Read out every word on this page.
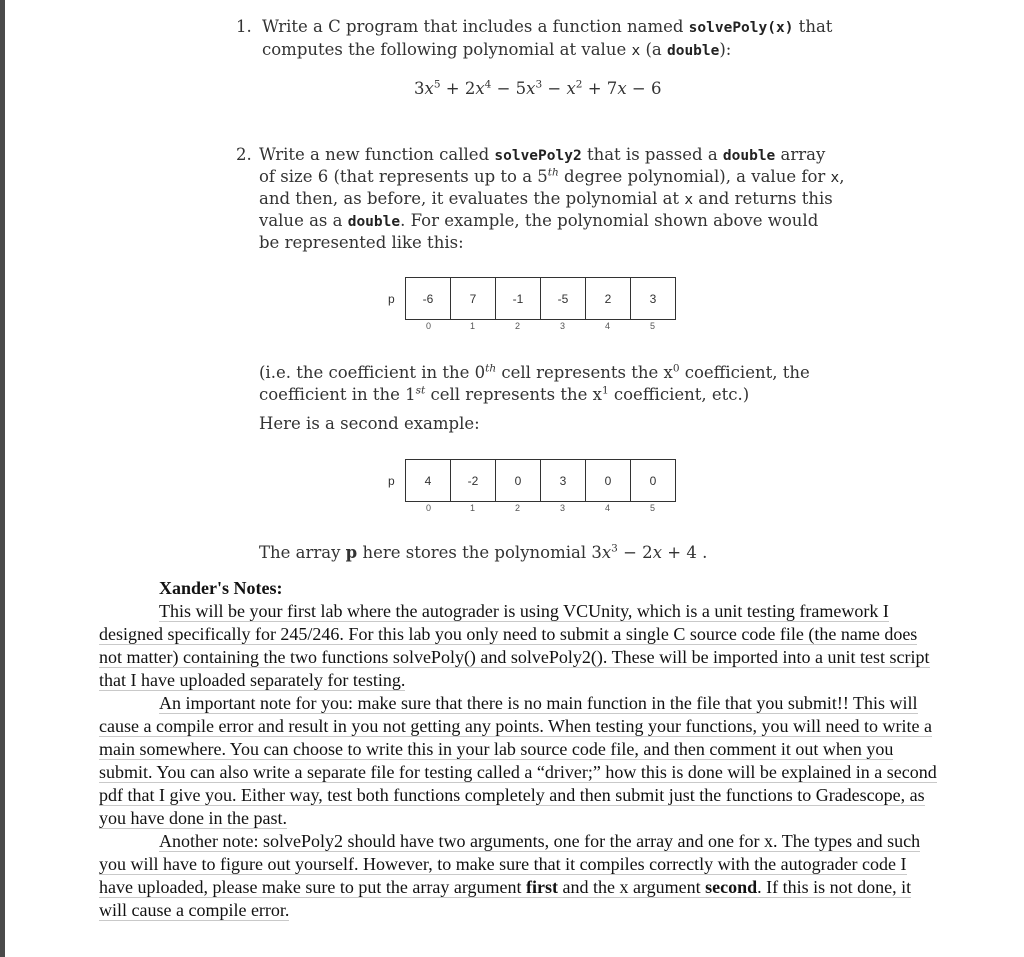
1. Write a C program that includes a function named solvePoly(x) that
computes the following polynomial at value x (a double):
$3x^5 + 2x^4 - 5x^3 - x^2 + 7x - 6$
2. Write a new function called solvePoly2 that is passed a double array
of size 6 (that represents up to a 5th degree polynomial), a value for x,
and then, as before, it evaluates the polynomial at x and returns this
value as a double. For example, the polynomial shown above would
be represented like this:
p	-6	7	-1	-5	2	3
0	1	2	3	4	5
(i.e. the coefficient in the 0th cell represents the $x^0$ coefficient, the
coefficient in the 1st cell represents the $x^1$ coefficient, etc.)
Here is a second example:
p	4	-2	0	3	0	0
0	1	2	3	4	5
The array p here stores the polynomial $3x^3 - 2x + 4$ .
Xander's Notes:

This will be your first lab where the autograder is using VCUnity, which is a unit testing framework I designed specifically for 245/246. For this lab you only need to submit a single C source code file (the name does not matter) containing the two functions solvePoly() and solvePoly2(). These will be imported into a unit test script that I have uploaded separately for testing.

An important note for you: make sure that there is no main function in the file that you submit!! This will cause a compile error and result in you not getting any points. When testing your functions, you will need to write a main somewhere. You can choose to write this in your lab source code file, and then comment it out when you submit. You can also write a separate file for testing called a “driver;” how this is done will be explained in a second pdf that I give you. Either way, test both functions completely and then submit just the functions to Gradescope, as you have done in the past.

Another note: solvePoly2 should have two arguments, one for the array and one for x. The types and such you will have to figure out yourself. However, to make sure that it compiles correctly with the autograder code I have uploaded, please make sure to put the array argument first and the x argument second. If this is not done, it will cause a compile error.
